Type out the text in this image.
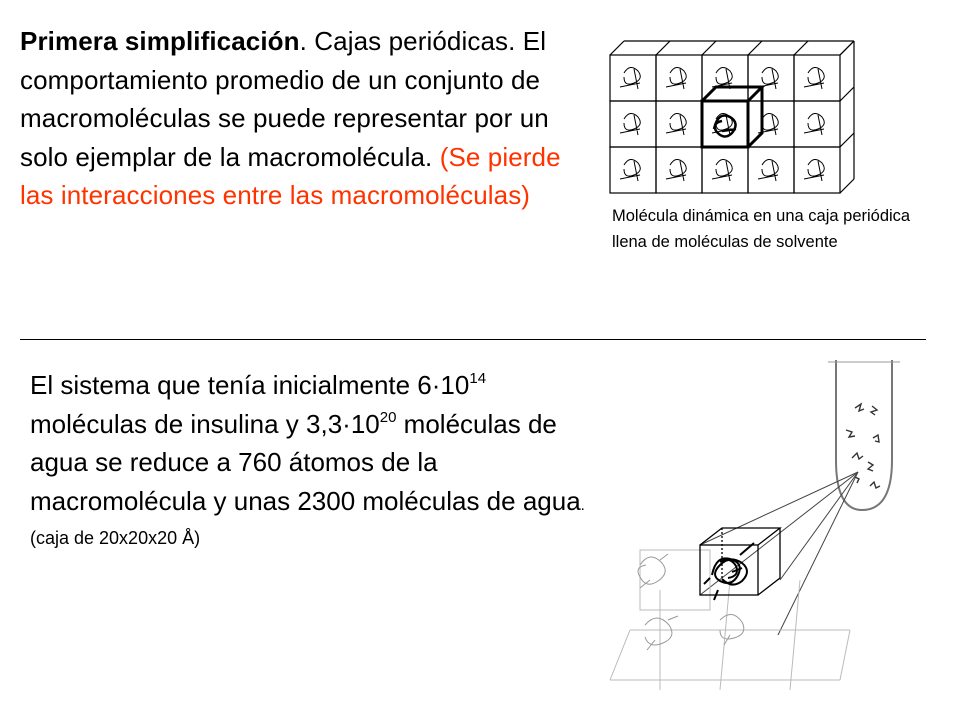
Primera simplificación. Cajas periódicas. El comportamiento promedio de un conjunto de macromoléculas se puede representar por un solo ejemplar de la macromolécula. (Se pierde las interacciones entre las macromoléculas)
Molécula dinámica en una caja periódica llena de moléculas de solvente
El sistema que tenía inicialmente $6\cdot 10^{14}$ moléculas de insulina y $3,3\cdot 10^{20}$ moléculas de agua se reduce a 760 átomos de la macromolécula y unas 2300 moléculas de agua.
(caja de 20x20x20 Å)
